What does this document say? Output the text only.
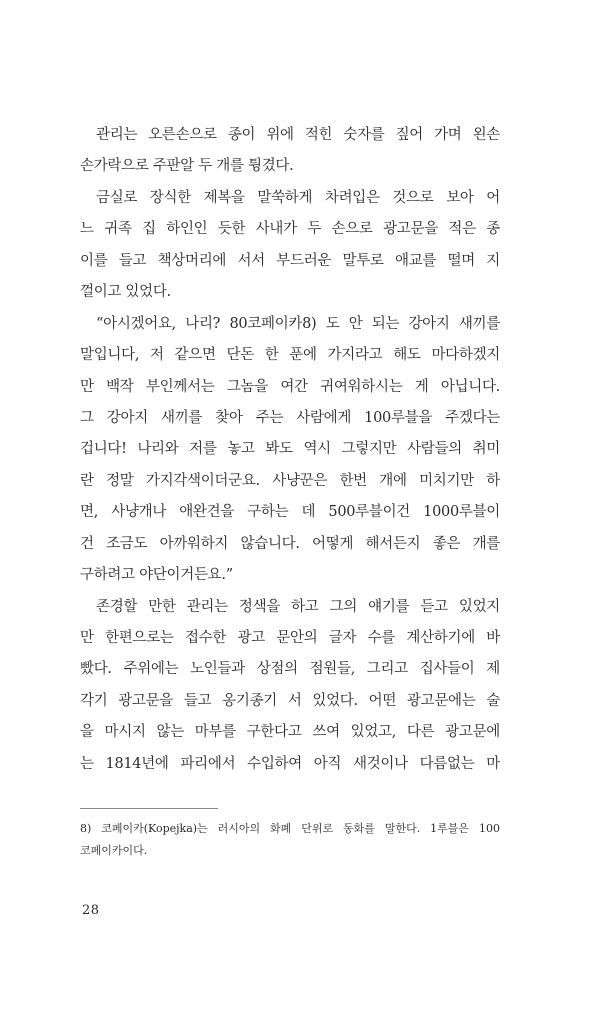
관리는 오른손으로 종이 위에 적힌 숫자를 짚어 가며 왼손
손가락으로 주판알 두 개를 튕겼다.
금실로 장식한 제복을 말쑥하게 차려입은 것으로 보아 어
느 귀족 집 하인인 듯한 사내가 두 손으로 광고문을 적은 종
이를 들고 책상머리에 서서 부드러운 말투로 애교를 떨며 지
껄이고 있었다.
“아시겠어요, 나리? 80코페이카8) 도 안 되는 강아지 새끼를
말입니다, 저 같으면 단돈 한 푼에 가지라고 해도 마다하겠지
만 백작 부인께서는 그놈을 여간 귀여워하시는 게 아닙니다.
그 강아지 새끼를 찾아 주는 사람에게 100루블을 주겠다는
겁니다! 나리와 저를 놓고 봐도 역시 그렇지만 사람들의 취미
란 정말 가지각색이더군요. 사냥꾼은 한번 개에 미치기만 하
면, 사냥개나 애완견을 구하는 데 500루블이건 1000루블이
건 조금도 아까워하지 않습니다. 어떻게 해서든지 좋은 개를
구하려고 야단이거든요.”
존경할 만한 관리는 정색을 하고 그의 얘기를 듣고 있었지
만 한편으로는 접수한 광고 문안의 글자 수를 계산하기에 바
빴다. 주위에는 노인들과 상점의 점원들, 그리고 집사들이 제
각기 광고문을 들고 옹기종기 서 있었다. 어떤 광고문에는 술
을 마시지 않는 마부를 구한다고 쓰여 있었고, 다른 광고문에
는 1814년에 파리에서 수입하여 아직 새것이나 다름없는 마
8) 코페이카(Kopejka)는 러시아의 화폐 단위로 동화를 말한다. 1루블은 100
코페이카이다.
28
